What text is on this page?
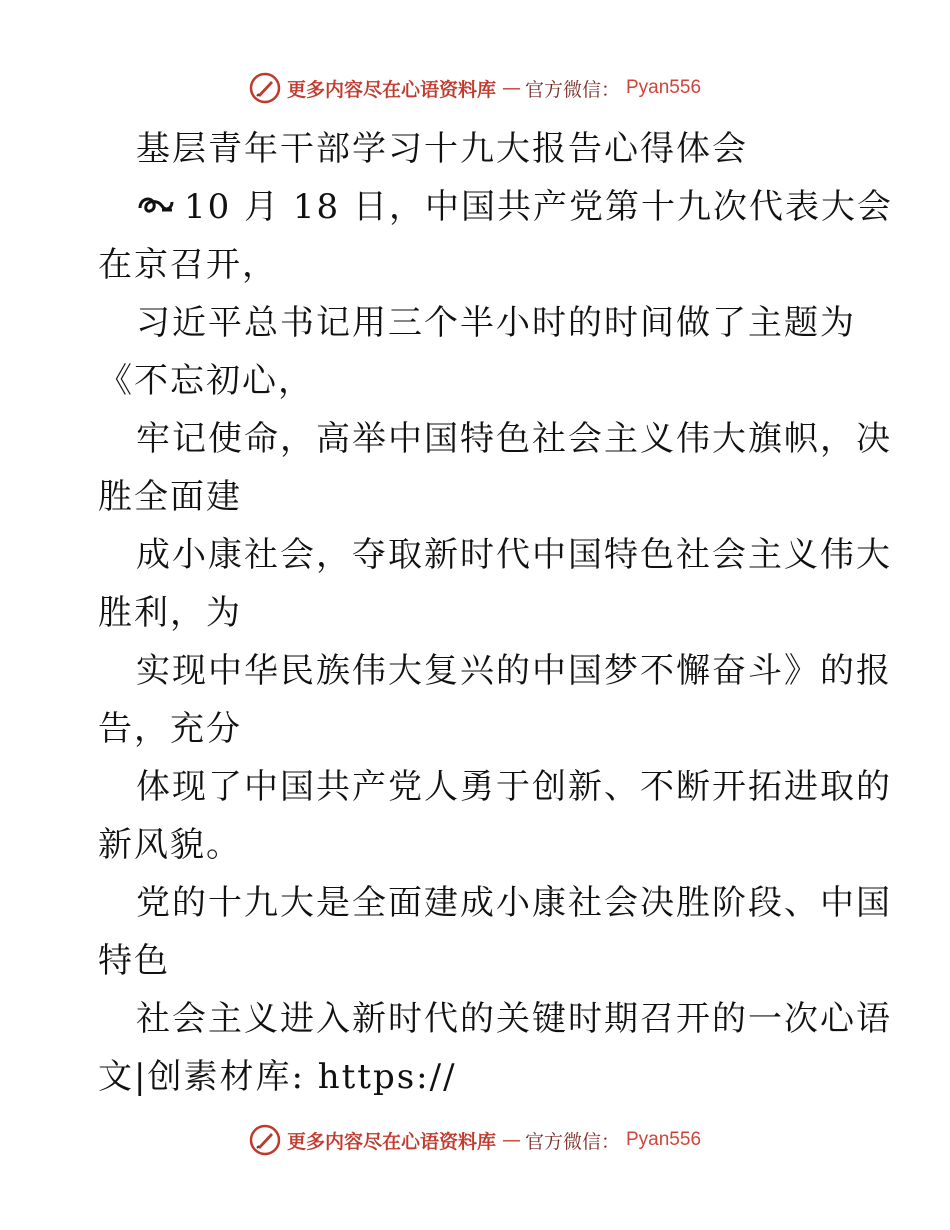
更多内容尽在心语资料库 — 官方微信： Pyan556

基层青年干部学习十九大报告心得体会

10 月 18 日，中国共产党第十九次代表大会
在京召开，

习近平总书记用三个半小时的时间做了主题为
《不忘初心，

牢记使命，高举中国特色社会主义伟大旗帜，决
胜全面建

成小康社会，夺取新时代中国特色社会主义伟大
胜利，为

实现中华民族伟大复兴的中国梦不懈奋斗》的报
告，充分

体现了中国共产党人勇于创新、不断开拓进取的
新风貌。

党的十九大是全面建成小康社会决胜阶段、中国
特色

社会主义进入新时代的关键时期召开的一次心语
文|创素材库: https://

更多内容尽在心语资料库 — 官方微信： Pyan556
